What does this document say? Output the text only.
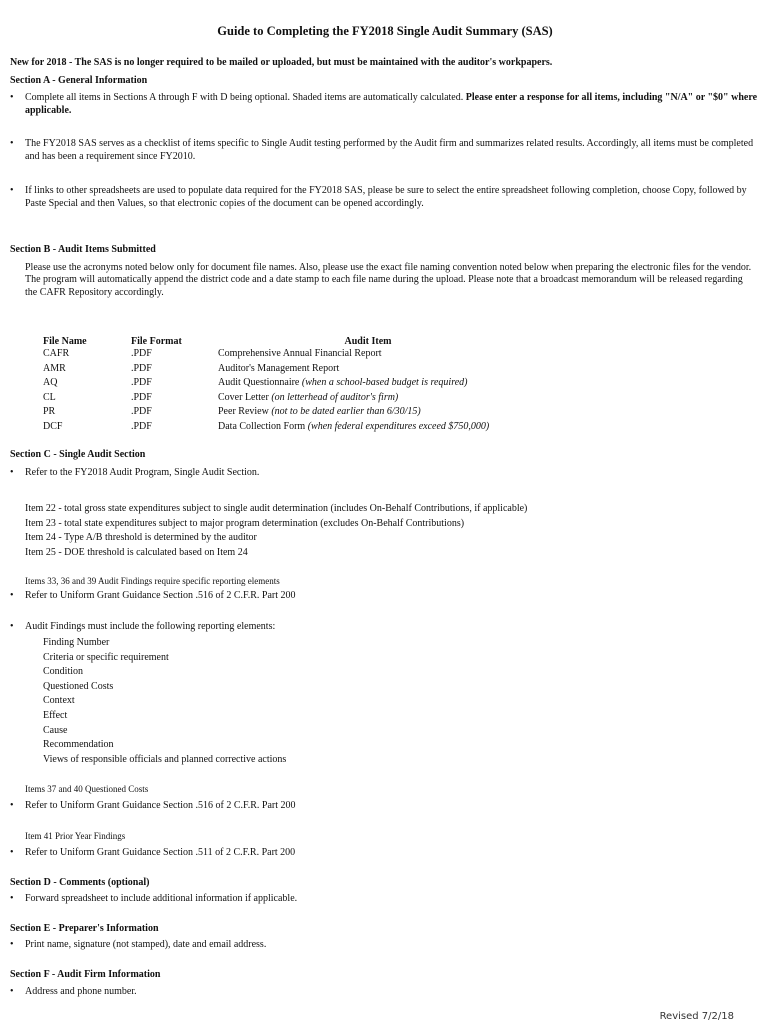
Guide to Completing the FY2018 Single Audit Summary (SAS)
New for 2018 - The SAS is no longer required to be mailed or uploaded, but must be maintained with the auditor's workpapers.
Section A - General Information
• Complete all items in Sections A through F with D being optional. Shaded items are automatically calculated. Please enter a response for all items, including "N/A" or "$0" where applicable.
• The FY2018 SAS serves as a checklist of items specific to Single Audit testing performed by the Audit firm and summarizes related results. Accordingly, all items must be completed and has been a requirement since FY2010.
• If links to other spreadsheets are used to populate data required for the FY2018 SAS, please be sure to select the entire spreadsheet following completion, choose Copy, followed by Paste Special and then Values, so that electronic copies of the document can be opened accordingly.
Section B - Audit Items Submitted
Please use the acronyms noted below only for document file names. Also, please use the exact file naming convention noted below when preparing the electronic files for the vendor. The program will automatically append the district code and a date stamp to each file name during the upload. Please note that a broadcast memorandum will be released regarding the CAFR Repository accordingly.
File Name	File Format	Audit Item
CAFR	.PDF	Comprehensive Annual Financial Report
AMR	.PDF	Auditor's Management Report
AQ	.PDF	Audit Questionnaire (when a school-based budget is required)
CL	.PDF	Cover Letter (on letterhead of auditor's firm)
PR	.PDF	Peer Review (not to be dated earlier than 6/30/15)
DCF	.PDF	Data Collection Form (when federal expenditures exceed $750,000)
Section C - Single Audit Section
• Refer to the FY2018 Audit Program, Single Audit Section.
Item 22 - total gross state expenditures subject to single audit determination (includes On-Behalf Contributions, if applicable)
Item 23 - total state expenditures subject to major program determination (excludes On-Behalf Contributions)
Item 24 - Type A/B threshold is determined by the auditor
Item 25 - DOE threshold is calculated based on Item 24
Items 33, 36 and 39 Audit Findings require specific reporting elements
• Refer to Uniform Grant Guidance Section .516 of 2 C.F.R. Part 200
• Audit Findings must include the following reporting elements:
Finding Number
Criteria or specific requirement
Condition
Questioned Costs
Context
Effect
Cause
Recommendation
Views of responsible officials and planned corrective actions
Items 37 and 40 Questioned Costs
• Refer to Uniform Grant Guidance Section .516 of 2 C.F.R. Part 200
Item 41 Prior Year Findings
• Refer to Uniform Grant Guidance Section .511 of 2 C.F.R. Part 200
Section D - Comments (optional)
• Forward spreadsheet to include additional information if applicable.
Section E - Preparer's Information
• Print name, signature (not stamped), date and email address.
Section F - Audit Firm Information
• Address and phone number.
Revised 7/2/18
